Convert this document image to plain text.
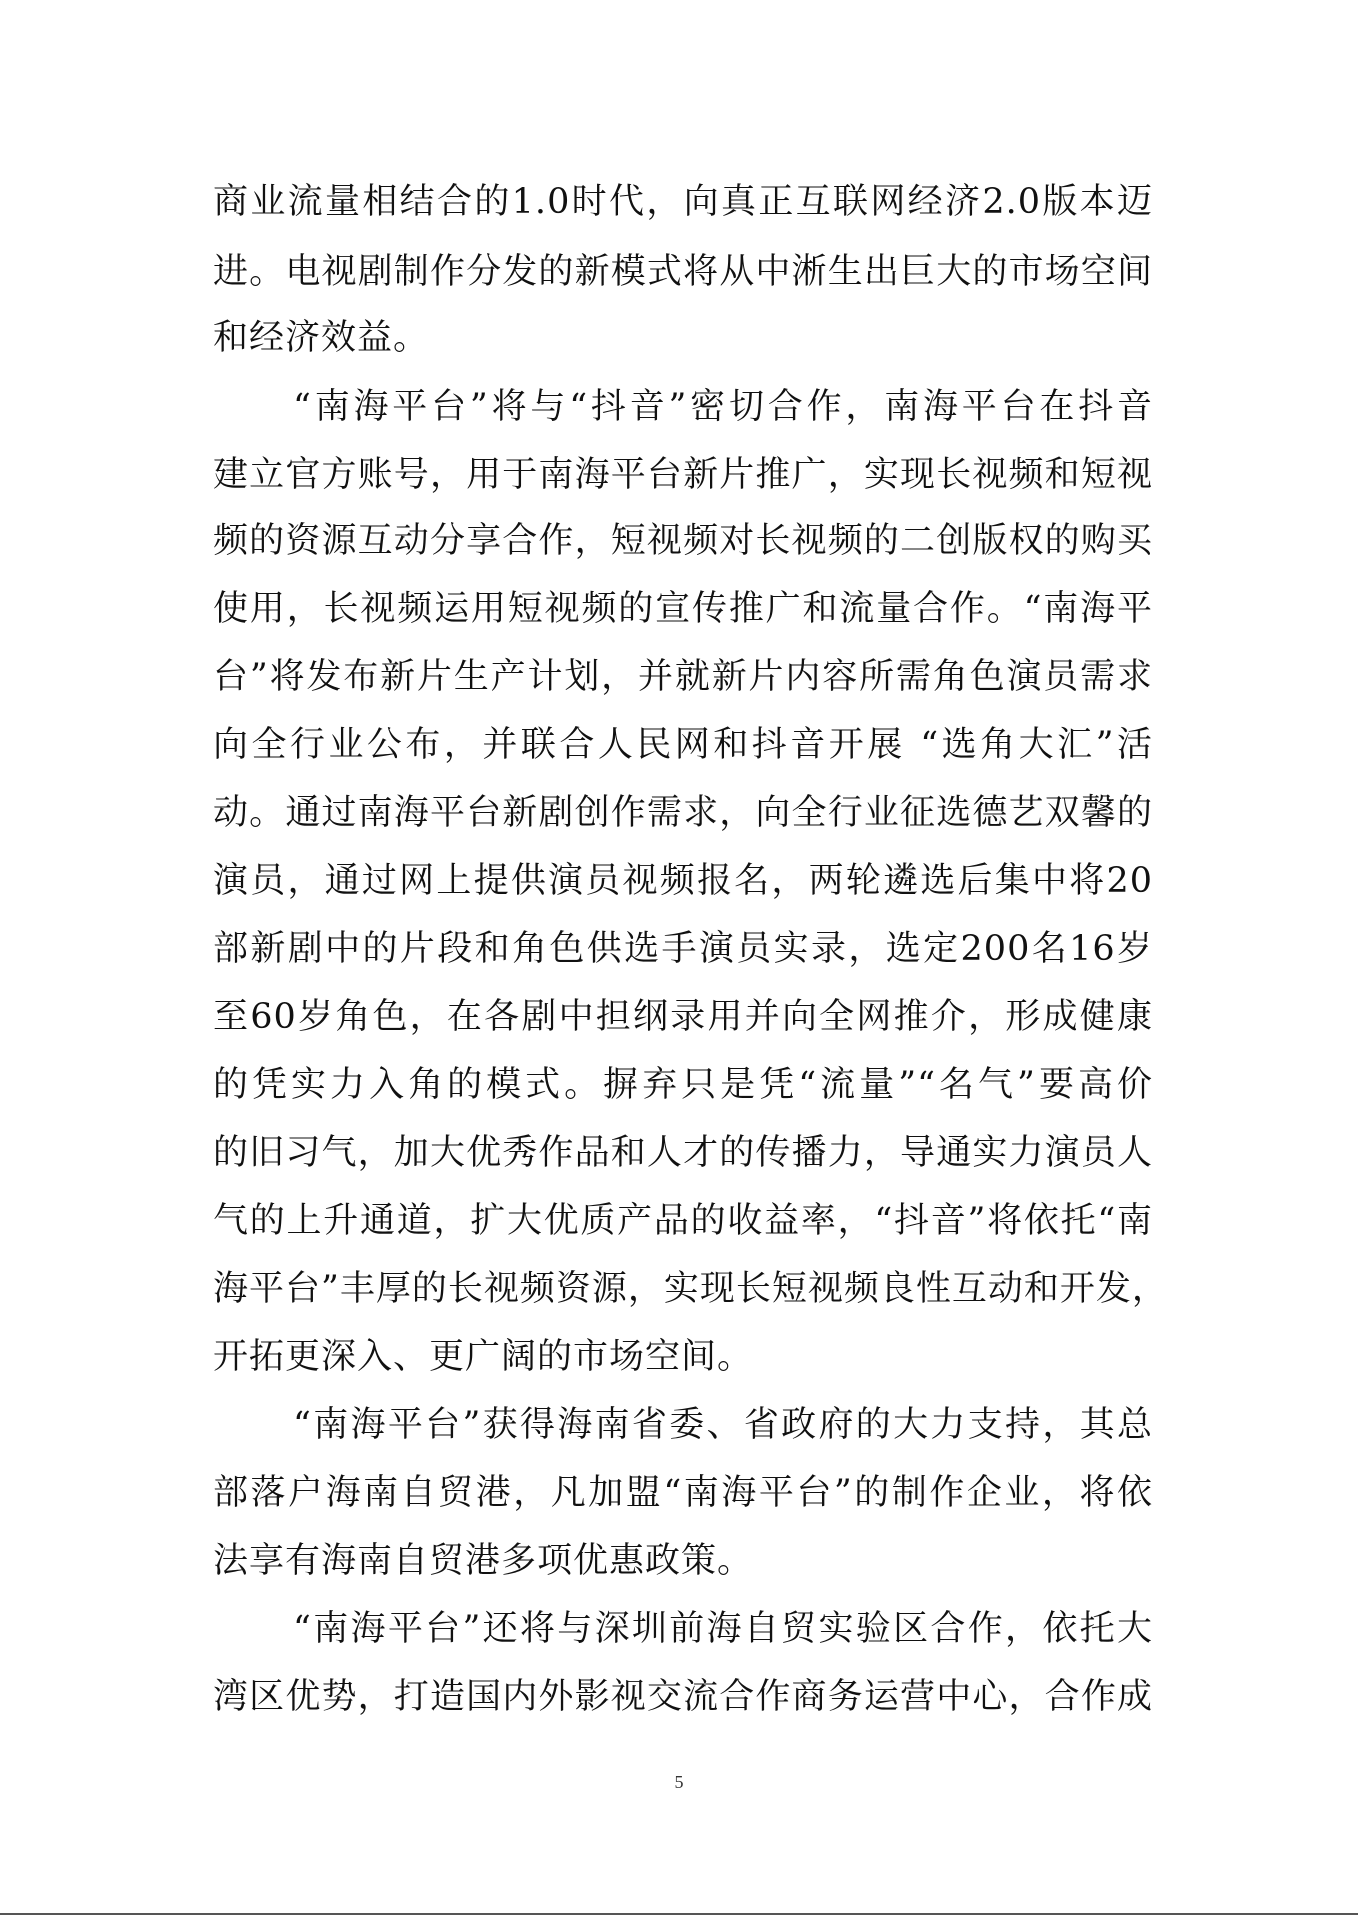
商业流量相结合的1.0时代，向真正互联网经济2.0版本迈
进。电视剧制作分发的新模式将从中淅生出巨大的市场空间
和经济效益。
“南海平台”将与“抖音”密切合作，南海平台在抖音
建立官方账号，用于南海平台新片推广，实现长视频和短视
频的资源互动分享合作，短视频对长视频的二创版权的购买
使用，长视频运用短视频的宣传推广和流量合作。“南海平
台”将发布新片生产计划，并就新片内容所需角色演员需求
向全行业公布，并联合人民网和抖音开展 “选角大汇”活
动。通过南海平台新剧创作需求，向全行业征选德艺双馨的
演员，通过网上提供演员视频报名，两轮遴选后集中将20
部新剧中的片段和角色供选手演员实录，选定200名16岁
至60岁角色，在各剧中担纲录用并向全网推介，形成健康
的凭实力入角的模式。摒弃只是凭“流量”“名气”要高价
的旧习气，加大优秀作品和人才的传播力，导通实力演员人
气的上升通道，扩大优质产品的收益率，“抖音”将依托“南
海平台”丰厚的长视频资源，实现长短视频良性互动和开发，
开拓更深入、更广阔的市场空间。
“南海平台”获得海南省委、省政府的大力支持，其总
部落户海南自贸港，凡加盟“南海平台”的制作企业，将依
法享有海南自贸港多项优惠政策。
“南海平台”还将与深圳前海自贸实验区合作，依托大
湾区优势，打造国内外影视交流合作商务运营中心，合作成
5
